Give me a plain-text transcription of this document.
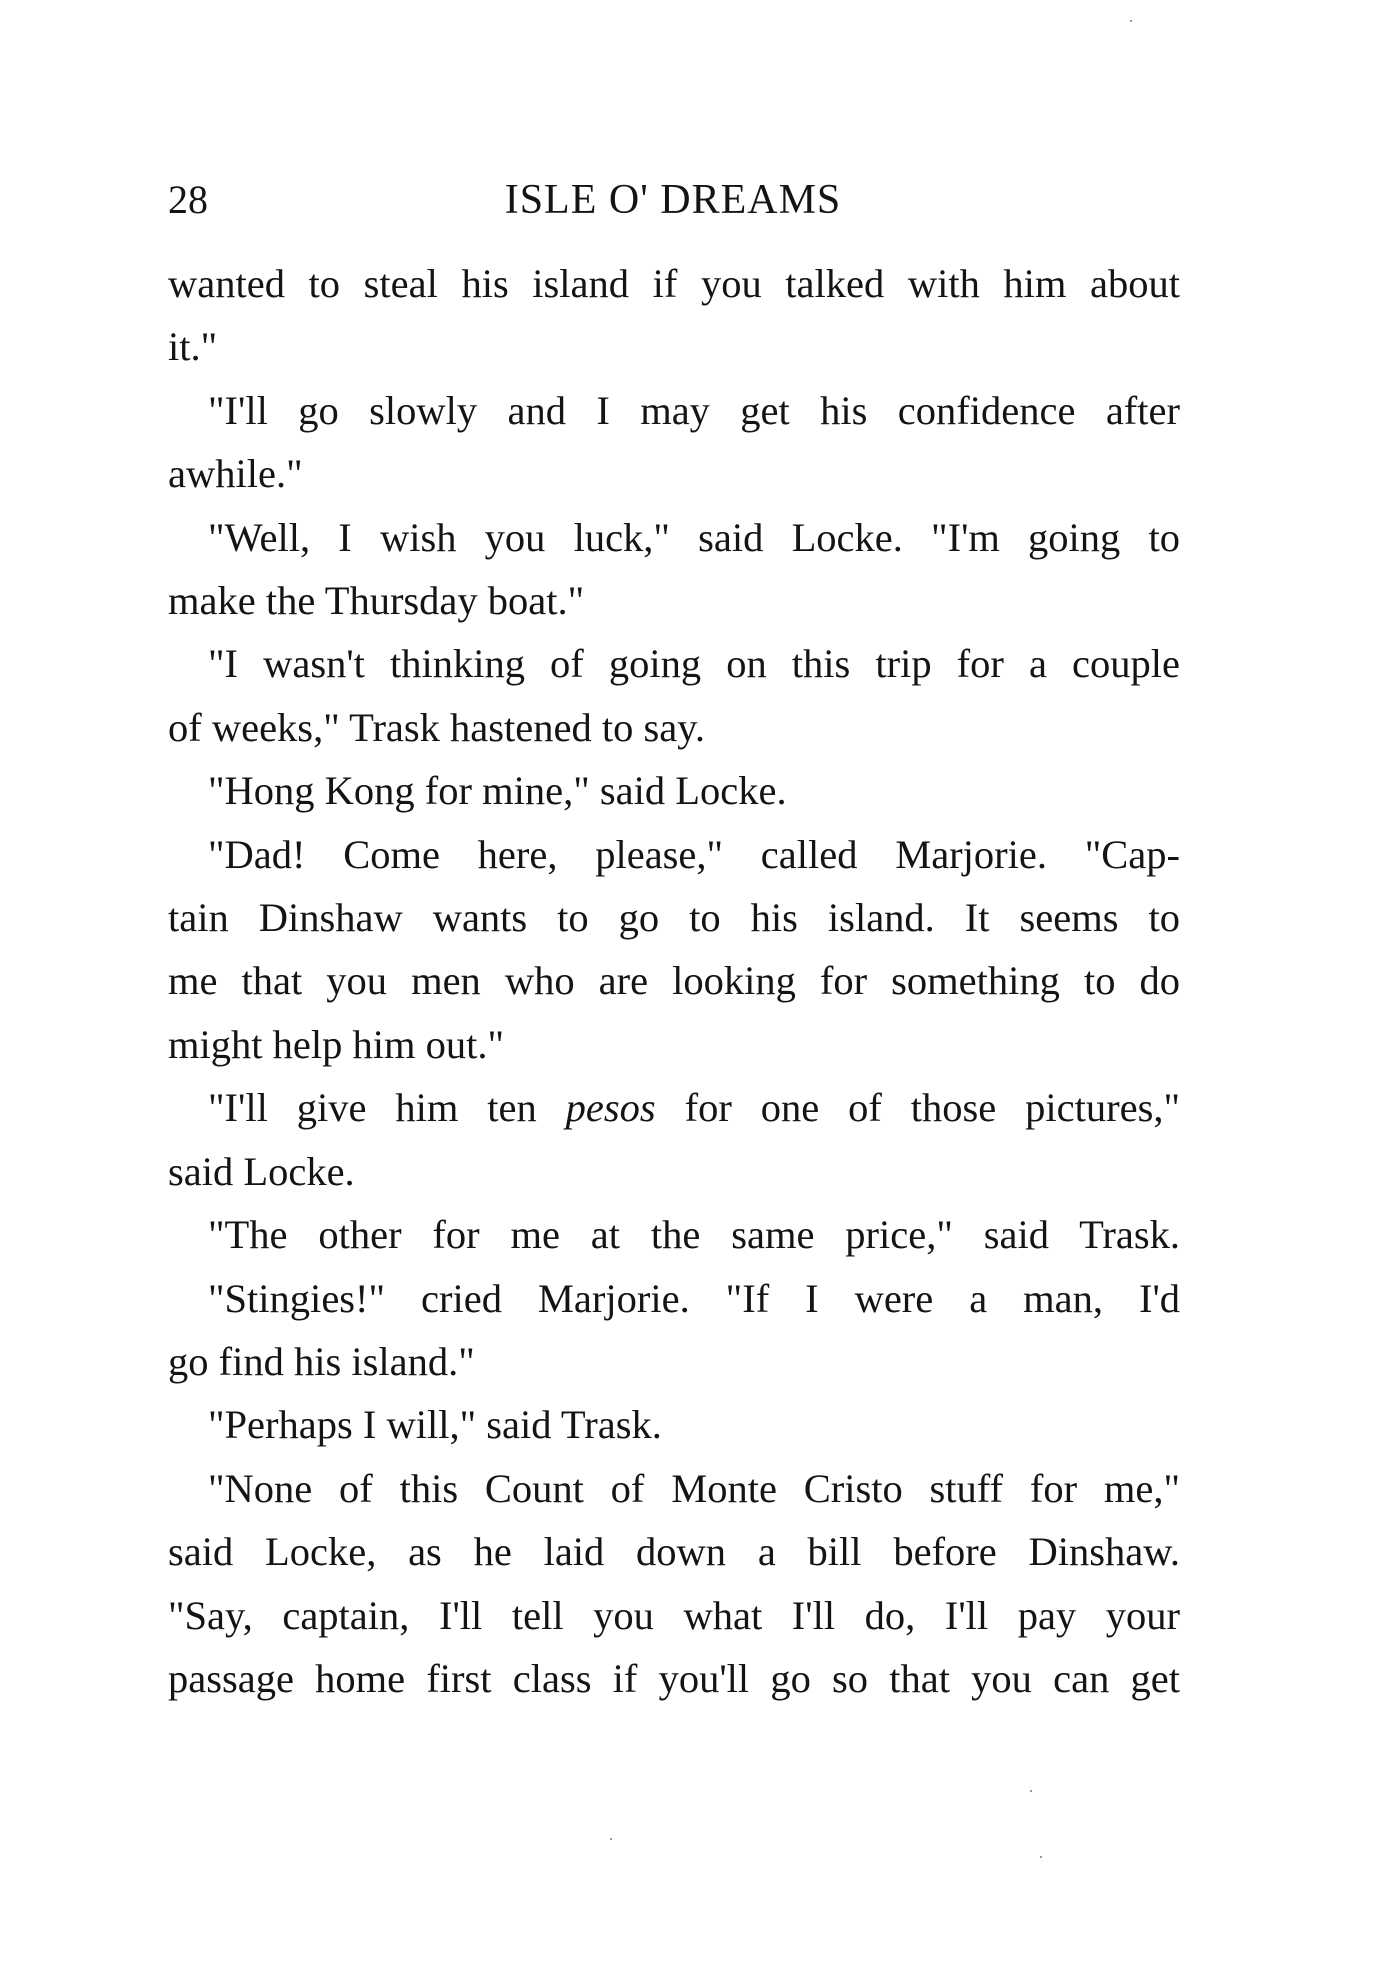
28	ISLE O' DREAMS
wanted to steal his island if you talked with him about
it."
"I'll go slowly and I may get his confidence after
awhile."
"Well, I wish you luck," said Locke. "I'm going to
make the Thursday boat."
"I wasn't thinking of going on this trip for a couple
of weeks," Trask hastened to say.
"Hong Kong for mine," said Locke.
"Dad! Come here, please," called Marjorie. "Cap-
tain Dinshaw wants to go to his island. It seems to
me that you men who are looking for something to do
might help him out."
"I'll give him ten pesos for one of those pictures,"
said Locke.
"The other for me at the same price," said Trask.
"Stingies!" cried Marjorie. "If I were a man, I'd
go find his island."
"Perhaps I will," said Trask.
"None of this Count of Monte Cristo stuff for me,"
said Locke, as he laid down a bill before Dinshaw.
"Say, captain, I'll tell you what I'll do, I'll pay your
passage home first class if you'll go so that you can get
